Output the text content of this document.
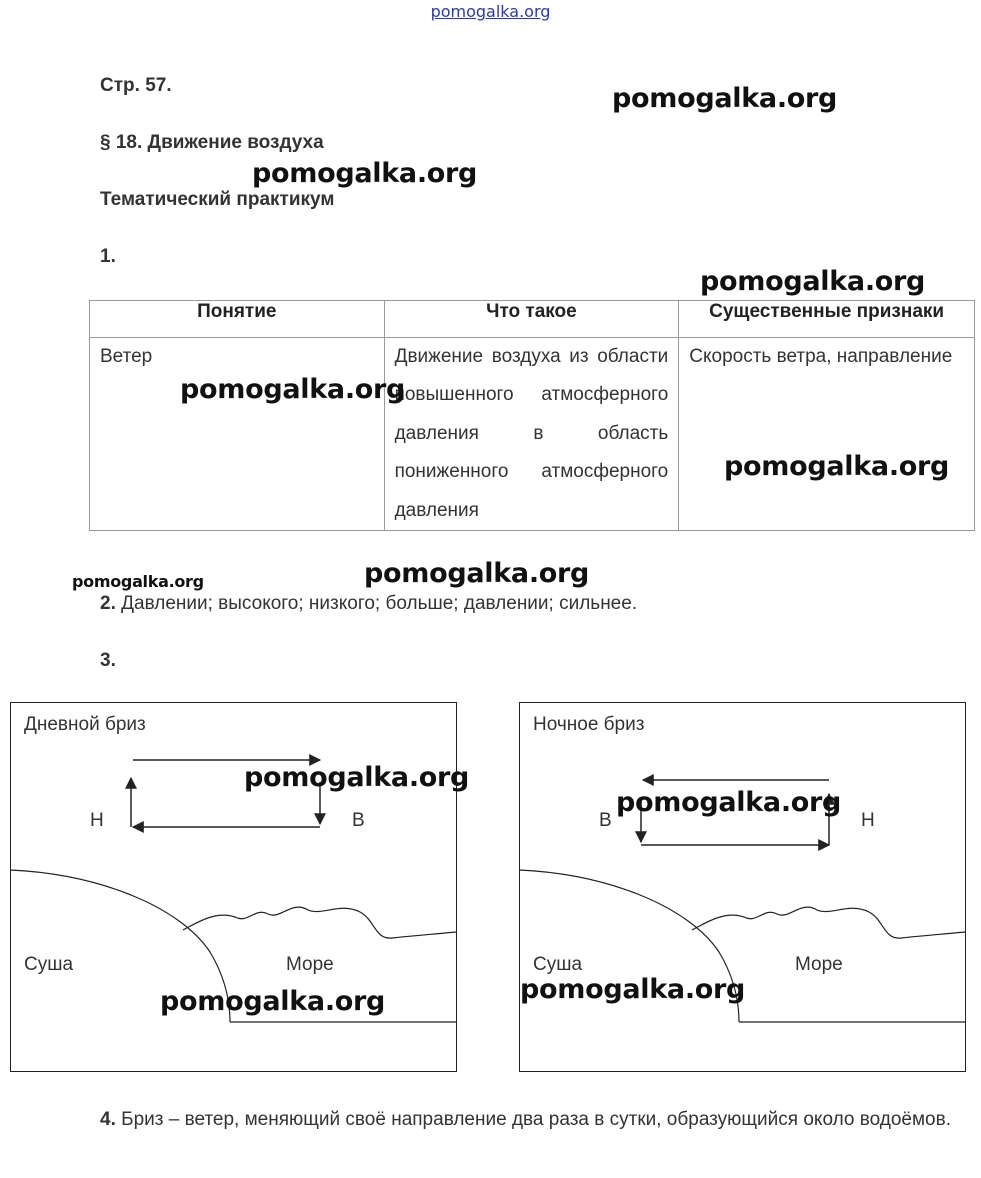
pomogalka.org
Стр. 57.
§ 18. Движение воздуха
Тематический практикум
1.
Понятие	Что такое	Существенные признаки
Ветер	Движение воздуха из области повышенного атмосферного давления в область пониженного атмосферного давления	Скорость ветра, направление
2. Давлении; высокого; низкого; больше; давлении; сильнее.
3.
Дневной бриз
Н	В
Суша	Море
Ночное бриз
В	Н
Суша	Море
4. Бриз – ветер, меняющий своё направление два раза в сутки, образующийся около водоёмов.
pomogalka.org
pomogalka.org
pomogalka.org
pomogalka.org
pomogalka.org
pomogalka.org	pomogalka.org
pomogalka.org
pomogalka.org
pomogalka.org	pomogalka.org
